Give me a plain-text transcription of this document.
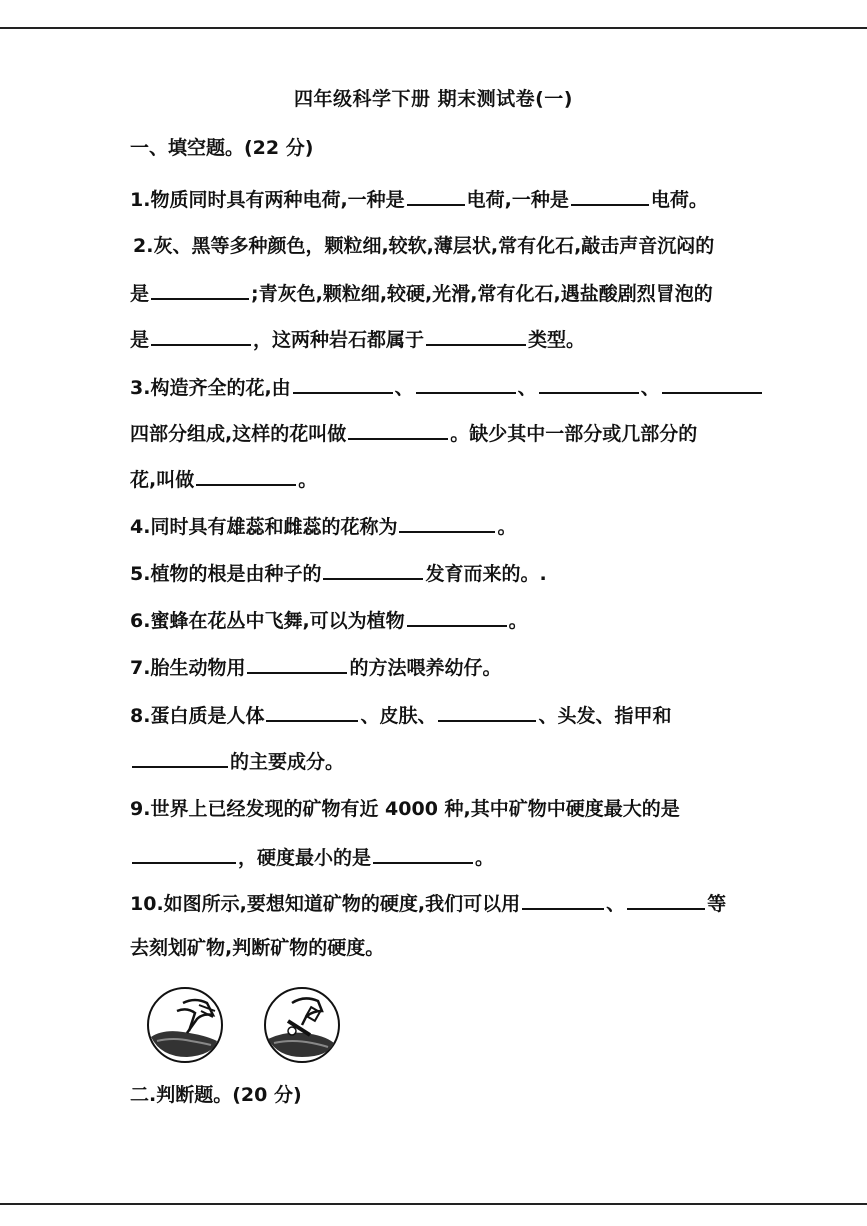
四年级科学下册 期末测试卷(一)
一、填空题。(22 分)
1.物质同时具有两种电荷,一种是	电荷,一种是	电荷。
2.灰、黑等多种颜色，颗粒细,较软,薄层状,常有化石,敲击声音沉闷的
是	;青灰色,颗粒细,较硬,光滑,常有化石,遇盐酸剧烈冒泡的
是	，这两种岩石都属于	类型。
3.构造齐全的花,由	、	、	、
四部分组成,这样的花叫做	。缺少其中一部分或几部分的
花,叫做	。
4.同时具有雄蕊和雌蕊的花称为	。
5.植物的根是由种子的	发育而来的。.
6.蜜蜂在花丛中飞舞,可以为植物	。
7.胎生动物用	的方法喂养幼仔。
8.蛋白质是人体	、皮肤、	、头发、指甲和
的主要成分。
9.世界上已经发现的矿物有近 4000 种,其中矿物中硬度最大的是
，硬度最小的是	。
10.如图所示,要想知道矿物的硬度,我们可以用	、	等
去刻划矿物,判断矿物的硬度。
二.判断题。(20 分)
